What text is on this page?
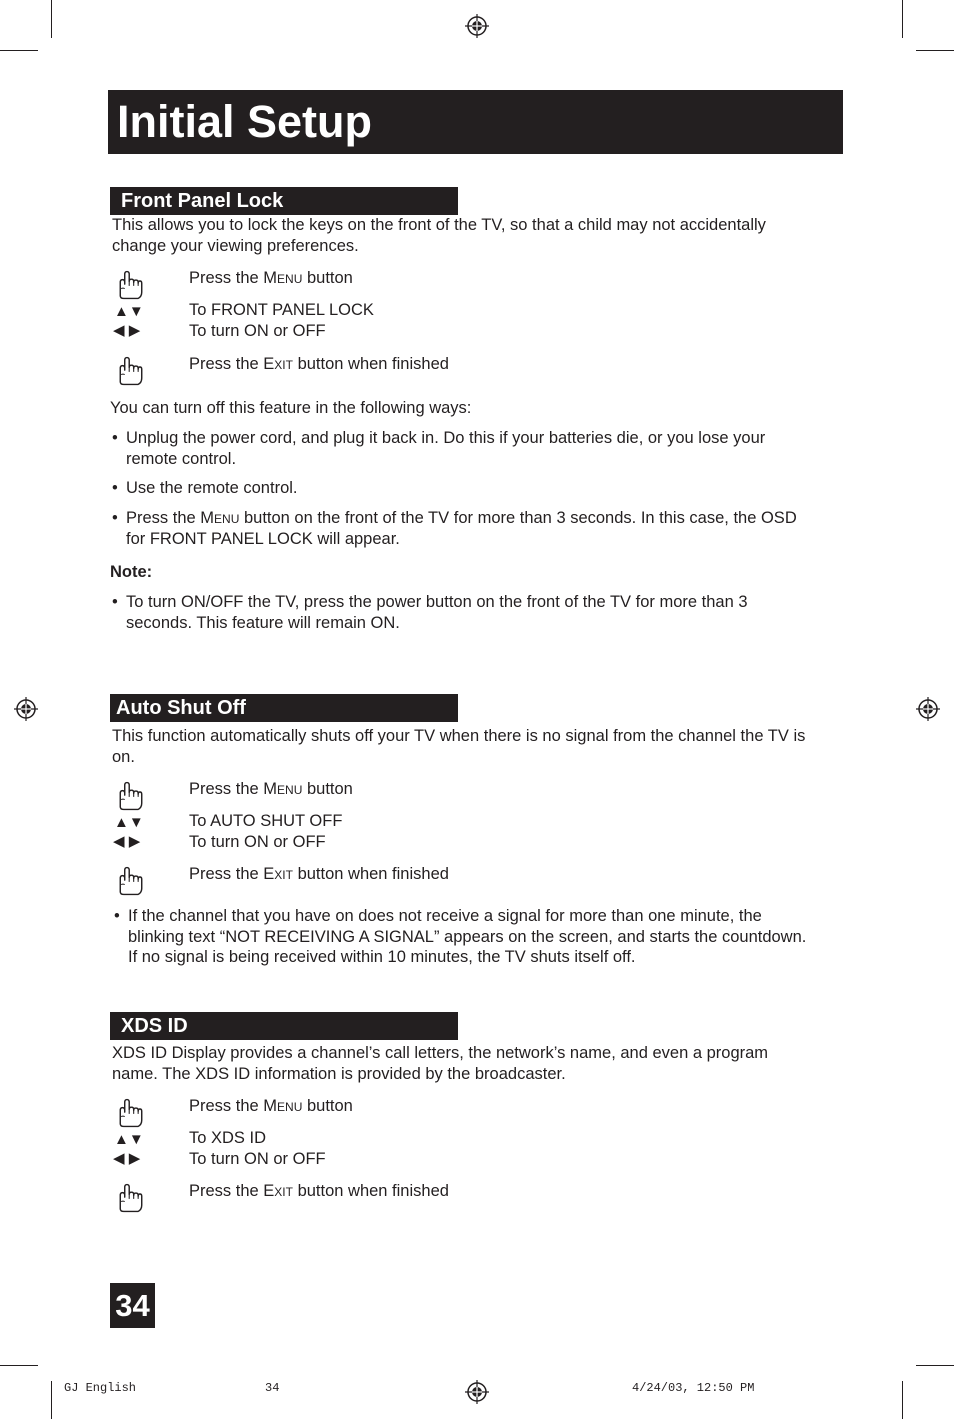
Initial Setup
Front Panel Lock
This allows you to lock the keys on the front of the TV, so that a child may not accidentally
change your viewing preferences.
Press the Menu button
▲▼	To FRONT PANEL LOCK
◀ ▶	To turn ON or OFF
Press the Exit button when finished
You can turn off this feature in the following ways:
• Unplug the power cord, and plug it back in. Do this if your batteries die, or you lose your
remote control.
• Use the remote control.
• Press the Menu button on the front of the TV for more than 3 seconds. In this case, the OSD
for FRONT PANEL LOCK will appear.
Note:
• To turn ON/OFF the TV, press the power button on the front of the TV for more than 3
seconds. This feature will remain ON.
Auto Shut Off
This function automatically shuts off your TV when there is no signal from the channel the TV is
on.
Press the Menu button
▲▼	To AUTO SHUT OFF
◀ ▶	To turn ON or OFF
Press the Exit button when finished
• If the channel that you have on does not receive a signal for more than one minute, the
blinking text “NOT RECEIVING A SIGNAL” appears on the screen, and starts the countdown.
If no signal is being received within 10 minutes, the TV shuts itself off.
XDS ID
XDS ID Display provides a channel’s call letters, the network’s name, and even a program
name. The XDS ID information is provided by the broadcaster.
Press the Menu button
▲▼	To XDS ID
◀ ▶	To turn ON or OFF
Press the Exit button when finished
34
GJ English	34	4/24/03, 12:50 PM
